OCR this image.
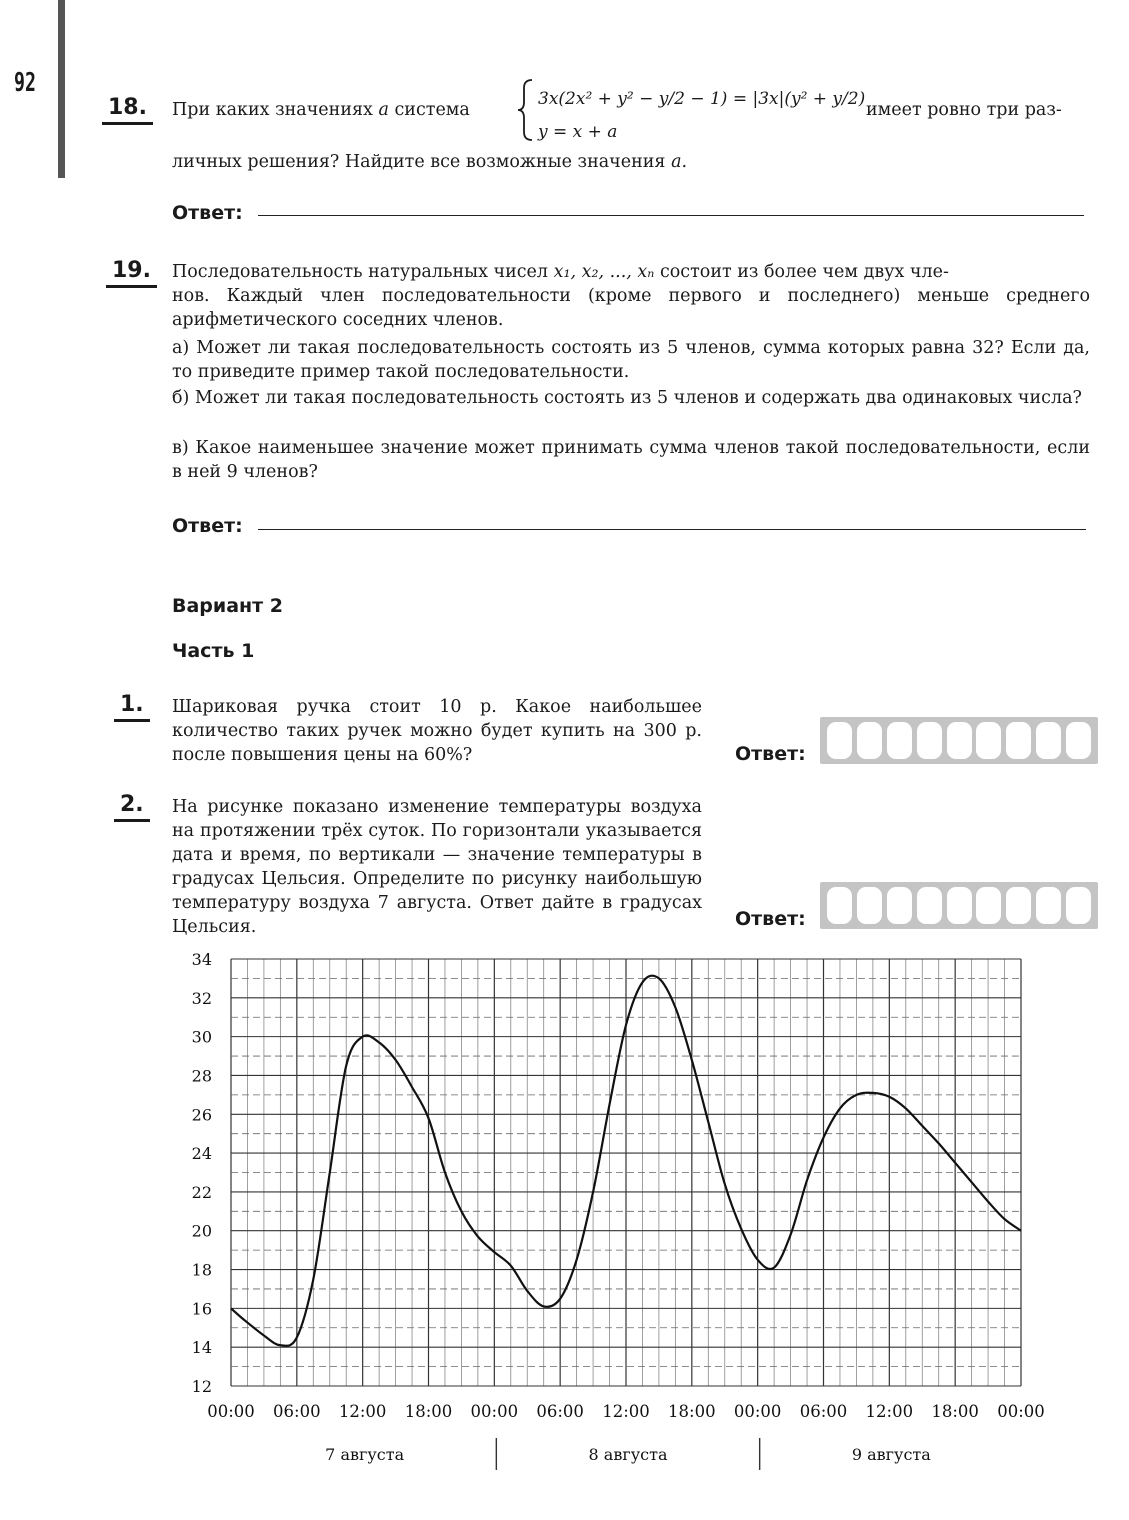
92
18. При каких значениях a система
3x(2x² + y² − y/2 − 1) = |3x|(y² + y/2)
y = x + a
имеет ровно три раз-
личных решения? Найдите все возможные значения a.
Ответ:
19. Последовательность натуральных чисел x₁, x₂, ..., xₙ состоит из более чем двух чле-
нов. Каждый член последовательности (кроме первого и последнего) меньше среднего арифметического соседних членов.
а) Может ли такая последовательность состоять из 5 членов, сумма которых равна 32? Если да, то приведите пример такой последовательности.
б) Может ли такая последовательность состоять из 5 членов и содержать два одинаковых числа?
в) Какое наименьшее значение может принимать сумма членов такой последовательности, если в ней 9 членов?
Ответ:
Вариант 2
Часть 1
1. Шариковая ручка стоит 10 р. Какое наибольшее количество таких ручек можно будет купить на 300 р. после повышения цены на 60%?	Ответ:
2. На рисунке показано изменение температуры воздуха на протяжении трёх суток. По горизонтали указывается дата и время, по вертикали — значение температуры в градусах Цельсия. Определите по рисунку наибольшую температуру воздуха 7 августа. Ответ дайте в градусах Цельсия.	Ответ:
12
14
16
18
20
22
24
26
28
30
32
34
00:00 06:00 12:00 18:00 00:00 06:00 12:00 18:00 00:00 06:00 12:00 18:00 00:00
7 августа	8 августа	9 августа
